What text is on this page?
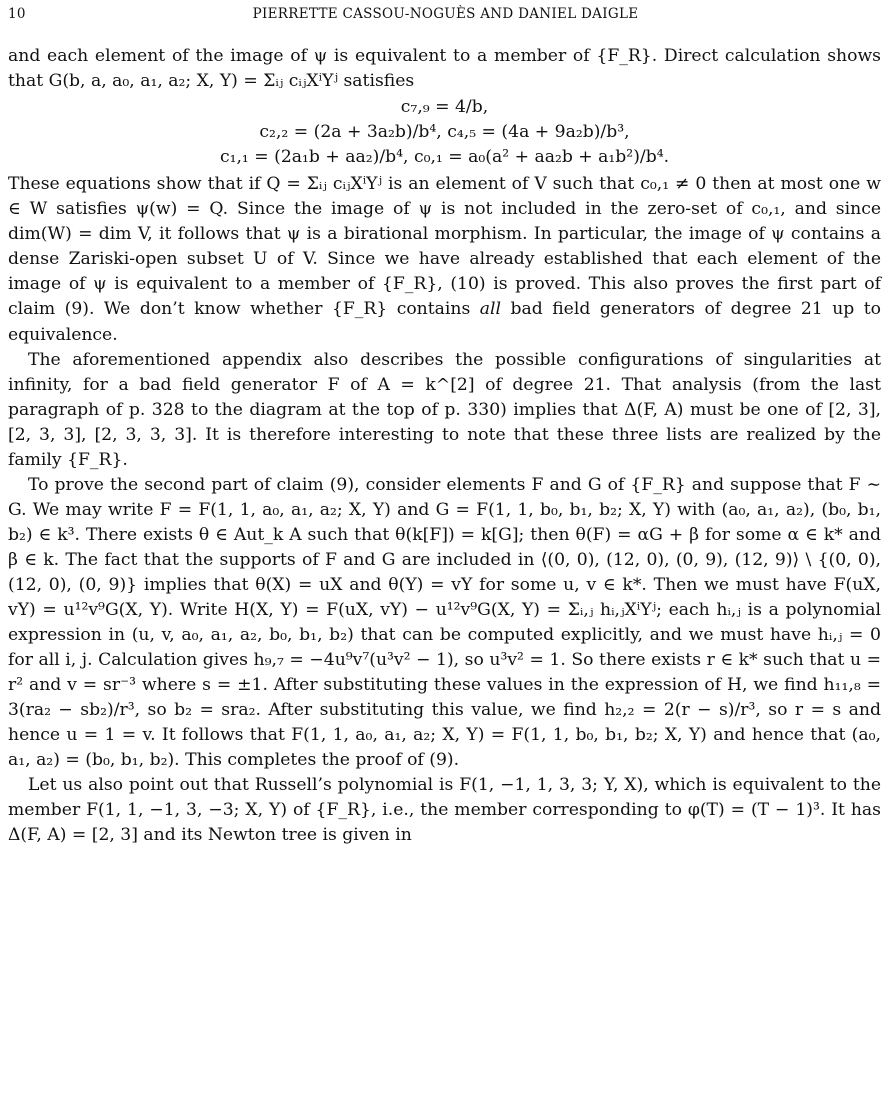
10	PIERRETTE CASSOU-NOGUÈS AND DANIEL DAIGLE

and each element of the image of ψ is equivalent to a member of {F_R}. Direct calculation shows that G(b, a, a₀, a₁, a₂; X, Y) = Σᵢⱼ cᵢⱼXⁱYʲ satisfies

c₇,₉ = 4/b,
c₂,₂ = (2a + 3a₂b)/b⁴, c₄,₅ = (4a + 9a₂b)/b³,
c₁,₁ = (2a₁b + aa₂)/b⁴, c₀,₁ = a₀(a² + aa₂b + a₁b²)/b⁴.

These equations show that if Q = Σᵢⱼ cᵢⱼXⁱYʲ is an element of V such that c₀,₁ ≠ 0 then at most one w ∈ W satisfies ψ(w) = Q. Since the image of ψ is not included in the zero-set of c₀,₁, and since dim(W) = dim V, it follows that ψ is a birational morphism. In particular, the image of ψ contains a dense Zariski-open subset U of V. Since we have already established that each element of the image of ψ is equivalent to a member of {F_R}, (10) is proved. This also proves the first part of claim (9). We don’t know whether {F_R} contains all bad field generators of degree 21 up to equivalence.

The aforementioned appendix also describes the possible configurations of singularities at infinity, for a bad field generator F of A = k^[2] of degree 21. That analysis (from the last paragraph of p. 328 to the diagram at the top of p. 330) implies that Δ(F, A) must be one of [2, 3], [2, 3, 3], [2, 3, 3, 3]. It is therefore interesting to note that these three lists are realized by the family {F_R}.

To prove the second part of claim (9), consider elements F and G of {F_R} and suppose that F ∼ G. We may write F = F(1, 1, a₀, a₁, a₂; X, Y) and G = F(1, 1, b₀, b₁, b₂; X, Y) with (a₀, a₁, a₂), (b₀, b₁, b₂) ∈ k³. There exists θ ∈ Aut_k A such that θ(k[F]) = k[G]; then θ(F) = αG + β for some α ∈ k* and β ∈ k. The fact that the supports of F and G are included in ⟨(0, 0), (12, 0), (0, 9), (12, 9)⟩ \ {(0, 0), (12, 0), (0, 9)} implies that θ(X) = uX and θ(Y) = vY for some u, v ∈ k*. Then we must have F(uX, vY) = u¹²v⁹G(X, Y). Write H(X, Y) = F(uX, vY) − u¹²v⁹G(X, Y) = Σᵢ,ⱼ hᵢ,ⱼXⁱYʲ; each hᵢ,ⱼ is a polynomial expression in (u, v, a₀, a₁, a₂, b₀, b₁, b₂) that can be computed explicitly, and we must have hᵢ,ⱼ = 0 for all i, j. Calculation gives h₉,₇ = −4u⁹v⁷(u³v² − 1), so u³v² = 1. So there exists r ∈ k* such that u = r² and v = sr⁻³ where s = ±1. After substituting these values in the expression of H, we find h₁₁,₈ = 3(ra₂ − sb₂)/r³, so b₂ = sra₂. After substituting this value, we find h₂,₂ = 2(r − s)/r³, so r = s and hence u = 1 = v. It follows that F(1, 1, a₀, a₁, a₂; X, Y) = F(1, 1, b₀, b₁, b₂; X, Y) and hence that (a₀, a₁, a₂) = (b₀, b₁, b₂). This completes the proof of (9).

Let us also point out that Russell’s polynomial is F(1, −1, 1, 3, 3; Y, X), which is equivalent to the member F(1, 1, −1, 3, −3; X, Y) of {F_R}, i.e., the member corresponding to φ(T) = (T − 1)³. It has Δ(F, A) = [2, 3] and its Newton tree is given in
